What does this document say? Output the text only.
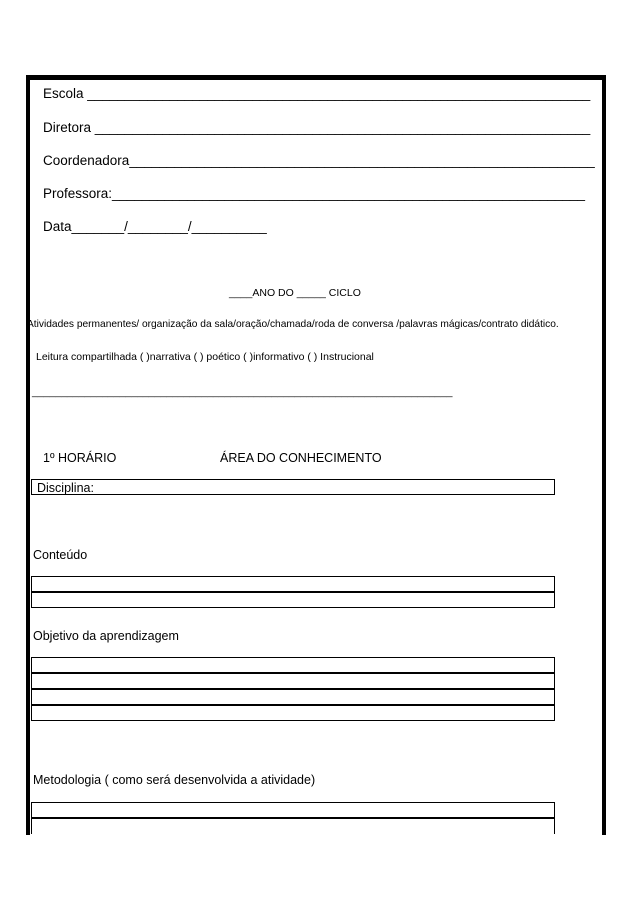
Escola ___________________________________________________________________
Diretora __________________________________________________________________
Coordenadora______________________________________________________________
Professora:_______________________________________________________________
Data_______/________/__________
____ANO DO _____ CICLO
Atividades permanentes/ organização da sala/oração/chamada/roda de conversa /palavras mágicas/contrato didático.
Leitura compartilhada ( )narrativa ( ) poético ( )informativo ( ) Instrucional
________________________________________________________________________
1º HORÁRIO	ÁREA DO CONHECIMENTO
Disciplina:
Conteúdo
Objetivo da aprendizagem
Metodologia ( como será desenvolvida a atividade)
